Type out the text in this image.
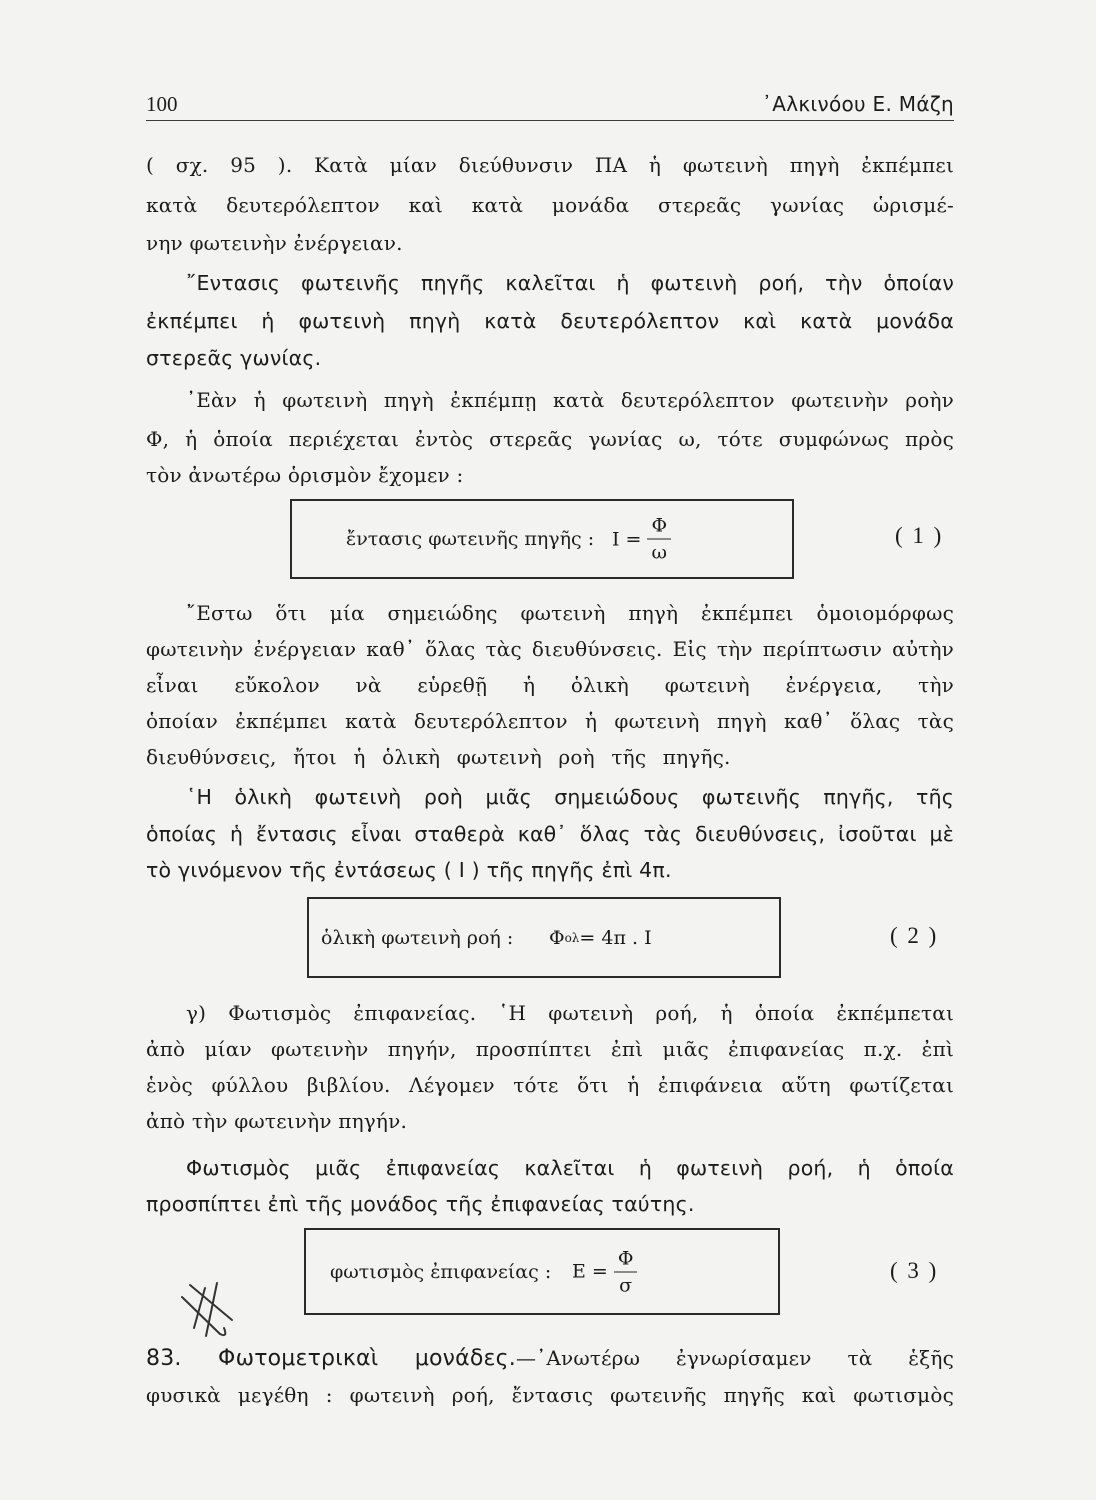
100	᾿Αλκινόου Ε. Μάζη
( σχ. 95 ). Κατὰ μίαν διεύθυνσιν ΠΑ ἡ φωτεινὴ πηγὴ ἐκπέμπει
κατὰ δευτερόλεπτον καὶ κατὰ μονάδα στερεᾶς γωνίας ὡρισμέ-
νην φωτεινὴν ἐνέργειαν.
῎Εντασις φωτεινῆς πηγῆς καλεῖται ἡ φωτεινὴ ροή, τὴν ὁποίαν
ἐκπέμπει ἡ φωτεινὴ πηγὴ κατὰ δευτερόλεπτον καὶ κατὰ μονάδα
στερεᾶς γωνίας.
᾿Εὰν ἡ φωτεινὴ πηγὴ ἐκπέμπῃ κατὰ δευτερόλεπτον φωτεινὴν ροὴν
Φ, ἡ ὁποία περιέχεται ἐντὸς στερεᾶς γωνίας ω, τότε συμφώνως πρὸς
τὸν ἀνωτέρω ὁρισμὸν ἔχομεν :
ἔντασις φωτεινῆς πηγῆς : $I = \frac{\Phi}{\omega}$	( 1 )
῎Εστω ὅτι μία σημειώδης φωτεινὴ πηγὴ ἐκπέμπει ὁμοιομόρφως
φωτεινὴν ἐνέργειαν καθ᾿ ὅλας τὰς διευθύνσεις. Εἰς τὴν περίπτωσιν αὐτὴν
εἶναι εὔκολον νὰ εὑρεθῇ ἡ ὁλικὴ φωτεινὴ ἐνέργεια, τὴν
ὁποίαν ἐκπέμπει κατὰ δευτερόλεπτον ἡ φωτεινὴ πηγὴ καθ᾿ ὅλας τὰς
διευθύνσεις, ἤτοι ἡ ὁλικὴ φωτεινὴ ροὴ τῆς πηγῆς.
῾Η ὁλικὴ φωτεινὴ ροὴ μιᾶς σημειώδους φωτεινῆς πηγῆς, τῆς
ὁποίας ἡ ἔντασις εἶναι σταθερὰ καθ᾿ ὅλας τὰς διευθύνσεις, ἰσοῦται μὲ
τὸ γινόμενον τῆς ἐντάσεως ( I ) τῆς πηγῆς ἐπὶ 4π.
ὁλικὴ φωτεινὴ ροή : Φ ολ = 4π . I	( 2 )
γ) Φωτισμὸς ἐπιφανείας. ῾Η φωτεινὴ ροή, ἡ ὁποία ἐκπέμπεται
ἀπὸ μίαν φωτεινὴν πηγήν, προσπίπτει ἐπὶ μιᾶς ἐπιφανείας π.χ. ἐπὶ
ἑνὸς φύλλου βιβλίου. Λέγομεν τότε ὅτι ἡ ἐπιφάνεια αὕτη φωτίζεται
ἀπὸ τὴν φωτεινὴν πηγήν.
Φωτισμὸς μιᾶς ἐπιφανείας καλεῖται ἡ φωτεινὴ ροή, ἡ ὁποία
προσπίπτει ἐπὶ τῆς μονάδος τῆς ἐπιφανείας ταύτης.
φωτισμὸς ἐπιφανείας : $E = \frac{\Phi}{\sigma}$	( 3 )
83. Φωτομετρικαὶ μονάδες.—᾿Ανωτέρω ἐγνωρίσαμεν τὰ ἑξῆς
φυσικὰ μεγέθη : φωτεινὴ ροή, ἔντασις φωτεινῆς πηγῆς καὶ φωτισμὸς
